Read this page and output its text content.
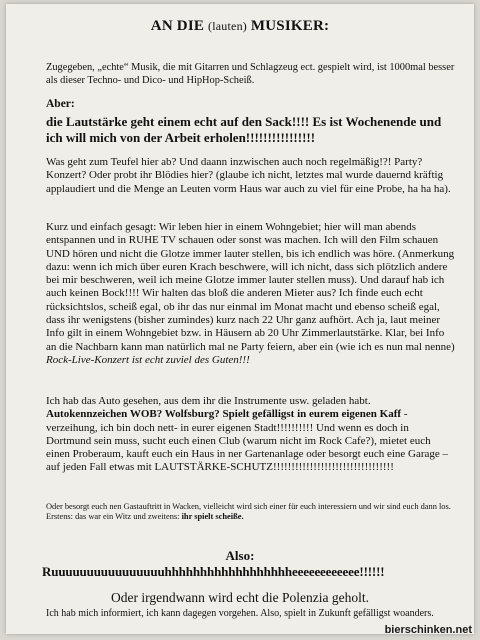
AN DIE (lauten) MUSIKER:
Zugegeben, „echte“ Musik, die mit Gitarren und Schlagzeug ect. gespielt wird, ist 1000mal besser als dieser Techno- und Dico- und HipHop-Scheiß.
Aber:
die Lautstärke geht einem echt auf den Sack!!!! Es ist Wochenende und ich will mich von der Arbeit erholen!!!!!!!!!!!!!!!!
Was geht zum Teufel hier ab? Und daann inzwischen auch noch regelmäßig!?! Party? Konzert? Oder probt ihr Blödies hier? (glaube ich nicht, letztes mal wurde dauernd kräftig applaudiert und die Menge an Leuten vorm Haus war auch zu viel für eine Probe, ha ha ha).
Kurz und einfach gesagt: Wir leben hier in einem Wohngebiet; hier will man abends entspannen und in RUHE TV schauen oder sonst was machen. Ich will den Film schauen UND hören und nicht die Glotze immer lauter stellen, bis ich endlich was höre. (Anmerkung dazu: wenn ich mich über euren Krach beschwere, will ich nicht, dass sich plötzlich andere bei mir beschweren, weil ich meine Glotze immer lauter stellen muss). Und darauf hab ich auch keinen Bock!!!! Wir halten das bloß die anderen Mieter aus? Ich finde euch echt rücksichtslos, scheiß egal, ob ihr das nur einmal im Monat macht und ebenso scheiß egal, dass ihr wenigstens (bisher zumindes) kurz nach 22 Uhr ganz aufhört. Ach ja, laut meiner Info gilt in einem Wohngebiet bzw. in Häusern ab 20 Uhr Zimmerlautstärke. Klar, bei Info an die Nachbarn kann man natürlich mal ne Party feiern, aber ein (wie ich es nun mal nenne) Rock-Live-Konzert ist echt zuviel des Guten!!!
Ich hab das Auto gesehen, aus dem ihr die Instrumente usw. geladen habt.
Autokennzeichen WOB? Wolfsburg? Spielt gefälligst in eurem eigenen Kaff - verzeihung, ich bin doch nett- in eurer eigenen Stadt!!!!!!!!!! Und wenn es doch in Dortmund sein muss, sucht euch einen Club (warum nicht im Rock Cafe?), mietet euch einen Proberaum, kauft euch ein Haus in ner Gartenanlage oder besorgt euch eine Garage – auf jeden Fall etwas mit LAUTSTÄRKE-SCHUTZ!!!!!!!!!!!!!!!!!!!!!!!!!!!!!!!!!
Oder besorgt euch nen Gastauftritt in Wacken, vielleicht wird sich einer für euch interessiern und wir sind euch dann los. Erstens: das war ein Witz und zweitens: ihr spielt scheiße.
Also:
Ruuuuuuuuuuuuuuuuhhhhhhhhhhhhhhhhhheeeeeeeeeeee!!!!!!
Oder irgendwann wird echt die Polenzia geholt.
Ich hab mich informiert, ich kann dagegen vorgehen. Also, spielt in Zukunft gefälligst woanders.
bierschinken.net
